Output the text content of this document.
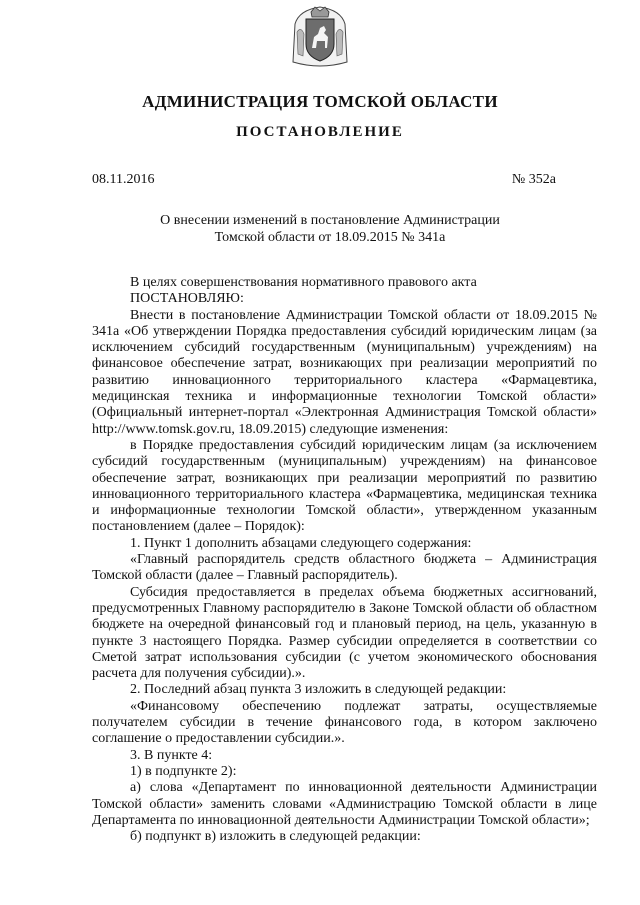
АДМИНИСТРАЦИЯ ТОМСКОЙ ОБЛАСТИ
ПОСТАНОВЛЕНИЕ
08.11.2016	№ 352а
О внесении изменений в постановление Администрации
Томской области от 18.09.2015 № 341а

В целях совершенствования нормативного правового акта

ПОСТАНОВЛЯЮ:

Внести в постановление Администрации Томской области от 18.09.2015 № 341а «Об утверждении Порядка предоставления субсидий юридическим лицам (за исключением субсидий государственным (муниципальным) учреждениям) на финансовое обеспечение затрат, возникающих при реализации мероприятий по развитию инновационного территориального кластера «Фармацевтика, медицинская техника и информационные технологии Томской области» (Официальный интернет-портал «Электронная Администрация Томской области» http://www.tomsk.gov.ru, 18.09.2015) следующие изменения:

в Порядке предоставления субсидий юридическим лицам (за исключением субсидий государственным (муниципальным) учреждениям) на финансовое обеспечение затрат, возникающих при реализации мероприятий по развитию инновационного территориального кластера «Фармацевтика, медицинская техника и информационные технологии Томской области», утвержденном указанным постановлением (далее – Порядок):

1. Пункт 1 дополнить абзацами следующего содержания:

«Главный распорядитель средств областного бюджета – Администрация Томской области (далее – Главный распорядитель).

Субсидия предоставляется в пределах объема бюджетных ассигнований, предусмотренных Главному распорядителю в Законе Томской области об областном бюджете на очередной финансовый год и плановый период, на цель, указанную в пункте 3 настоящего Порядка. Размер субсидии определяется в соответствии со Сметой затрат использования субсидии (с учетом экономического обоснования расчета для получения субсидии).».

2. Последний абзац пункта 3 изложить в следующей редакции:

«Финансовому обеспечению подлежат затраты, осуществляемые получателем субсидии в течение финансового года, в котором заключено соглашение о предоставлении субсидии.».

3. В пункте 4:

1) в подпункте 2):

а) слова «Департамент по инновационной деятельности Администрации Томской области» заменить словами «Администрацию Томской области в лице Департамента по инновационной деятельности Администрации Томской области»;

б) подпункт в) изложить в следующей редакции:
